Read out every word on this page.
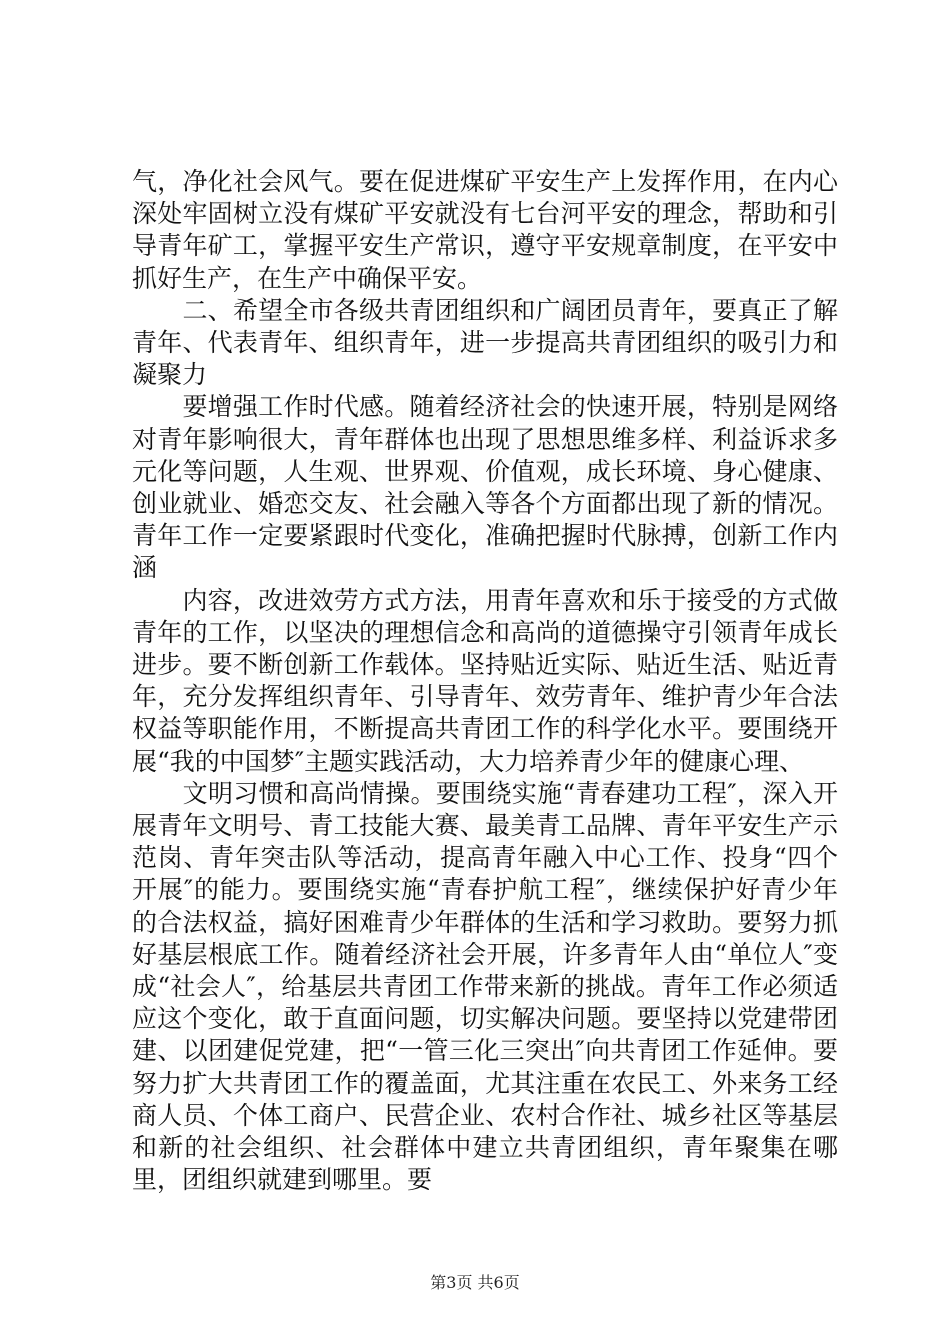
气，净化社会风气。要在促进煤矿平安生产上发挥作用，在内心深处牢固树立没有煤矿平安就没有七台河平安的理念，帮助和引导青年矿工，掌握平安生产常识，遵守平安规章制度，在平安中抓好生产，在生产中确保平安。

　　二、希望全市各级共青团组织和广阔团员青年，要真正了解青年、代表青年、组织青年，进一步提高共青团组织的吸引力和凝聚力

　　要增强工作时代感。随着经济社会的快速开展，特别是网络对青年影响很大，青年群体也出现了思想思维多样、利益诉求多元化等问题，人生观、世界观、价值观，成长环境、身心健康、创业就业、婚恋交友、社会融入等各个方面都出现了新的情况。青年工作一定要紧跟时代变化，准确把握时代脉搏，创新工作内涵

　　内容，改进效劳方式方法，用青年喜欢和乐于接受的方式做青年的工作，以坚决的理想信念和高尚的道德操守引领青年成长进步。要不断创新工作载体。坚持贴近实际、贴近生活、贴近青年，充分发挥组织青年、引导青年、效劳青年、维护青少年合法权益等职能作用，不断提高共青团工作的科学化水平。要围绕开展“我的中国梦″主题实践活动，大力培养青少年的健康心理、

　　文明习惯和高尚情操。要围绕实施“青春建功工程″，深入开展青年文明号、青工技能大赛、最美青工品牌、青年平安生产示范岗、青年突击队等活动，提高青年融入中心工作、投身“四个开展″的能力。要围绕实施“青春护航工程″，继续保护好青少年的合法权益，搞好困难青少年群体的生活和学习救助。要努力抓好基层根底工作。随着经济社会开展，许多青年人由“单位人″变成“社会人″，给基层共青团工作带来新的挑战。青年工作必须适应这个变化，敢于直面问题，切实解决问题。要坚持以党建带团建、以团建促党建，把“一管三化三突出″向共青团工作延伸。要努力扩大共青团工作的覆盖面，尤其注重在农民工、外来务工经商人员、个体工商户、民营企业、农村合作社、城乡社区等基层和新的社会组织、社会群体中建立共青团组织，青年聚集在哪里，团组织就建到哪里。要

第3页 共6页
